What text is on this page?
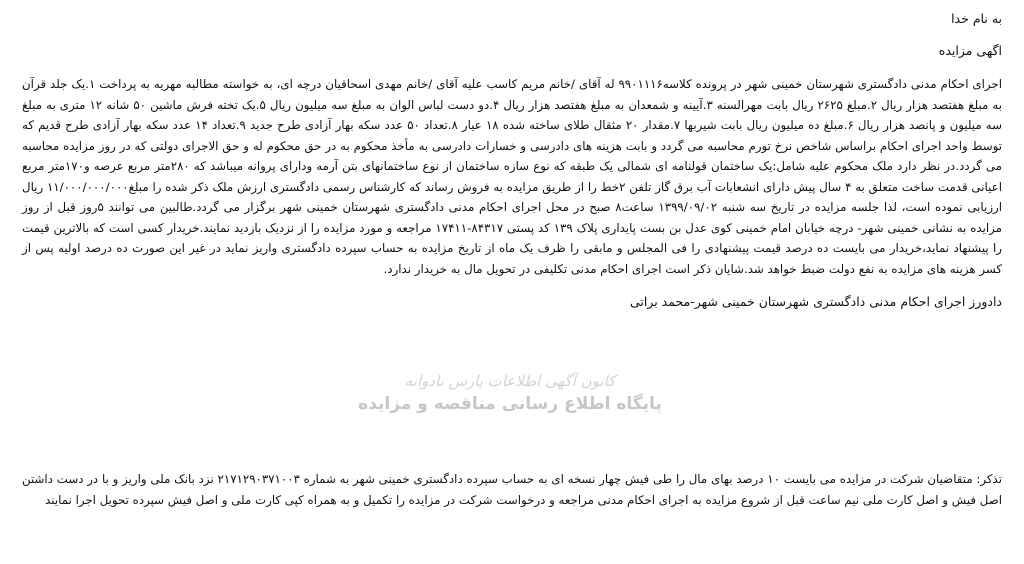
به نام خدا
اگهی مزایده

اجرای احکام مدنی دادگستری شهرستان خمینی شهر در پرونده کلاسه۹۹۰۱۱۱۶ له آقای /خانم مریم کاسب علیه آقای /خانم مهدی اسحاقیان درچه ای، به خواسته مطالبه مهریه به پرداخت ۱.یک جلد قرآن به مبلغ هفتصد هزار ریال ۲.مبلغ ۲۶۲۵ ریال بابت مهرالسنه ۳.آیینه و شمعدان به مبلغ هفتصد هزار ریال ۴.دو دست لباس الوان به مبلغ سه میلیون ریال ۵.یک تخته فرش ماشین ۵۰ شانه ۱۲ متری به مبلغ سه میلیون و پانصد هزار ریال ۶.مبلغ ده میلیون ریال بابت شیربها ۷.مقدار ۲۰ مثقال طلای ساخته شده ۱۸ عیار ۸.تعداد ۵۰ عدد سکه بهار آزادی طرح جدید ۹.تعداد ۱۴ عدد سکه بهار آزادی طرح قدیم که توسط واحد اجرای احکام براساس شاخص نرخ تورم محاسبه می گردد و بابت هزینه های دادرسی و خسارات دادرسی به مأخذ محکوم به در حق محکوم له و حق الاجرای دولتی که در روز مزایده محاسبه می گردد.در نظر دارد ملک محکوم علیه شامل:یک ساختمان قولنامه ای شمالی یک طبقه که نوع سازه ساختمان از نوع ساختمانهای بتن آرمه ودارای پروانه میباشد که ۲۸۰متر مربع عرصه و۱۷۰متر مربع اعیانی قدمت ساخت متعلق به ۴ سال پیش دارای انشعابات آب برق گاز تلفن ۲خط را از طریق مزایده به فروش رساند که کارشناس رسمی دادگستری ارزش ملک ذکر شده را مبلغ۱۱/۰۰۰/۰۰۰/۰۰۰ ریال ارزیابی نموده است، لذا جلسه مزایده در تاریخ سه شنبه ۱۳۹۹/۰۹/۰۲ ساعت۸ صبح در محل اجرای احکام مدنی دادگستری شهرستان خمینی شهر برگزار می گردد.طالبین می توانند ۵روز قبل از روز مزایده به نشانی خمینی شهر- درچه خیابان امام خمینی کوی عدل بن بست پایداری پلاک ۱۳۹ کد پستی ۸۴۳۱۷-۱۷۴۱۱ مراجعه و مورد مزایده را از نزدیک بازدید نمایند.خریدار کسی است که بالاترین قیمت را پیشنهاد نماید،خریدار می بایست ده درصد قیمت پیشنهادی را فی المجلس و مابقی را ظرف یک ماه از تاریخ مزایده به حساب سپرده دادگستری واریز نماید در غیر این صورت ده درصد اولیه پس از کسر هزینه های مزایده به نفع دولت ضبط خواهد شد.شایان ذکر است اجرای احکام مدنی تکلیفی در تحویل مال به خریدار ندارد.

دادورز اجرای احکام مدنی دادگستری شهرستان خمینی شهر-محمد براتی
کانون آگهی اطلاعات پارس نادوانه
پایگاه اطلاع رسانی مناقصه و مزایده

تذکر: متقاضیان شرکت در مزایده می بایست ۱۰ درصد بهای مال را طی فیش چهار نسخه ای به حساب سپرده دادگستری خمینی شهر به شماره ۲۱۷۱۲۹۰۳۷۱۰۰۳ نزد بانک ملی واریز و با در دست داشتن اصل فیش و اصل کارت ملی نیم ساعت قبل از شروع مزایده به اجرای احکام مدنی مراجعه و درخواست شرکت در مزایده را تکمیل و به همراه کپی کارت ملی و اصل فیش سپرده تحویل اجرا نمایند
